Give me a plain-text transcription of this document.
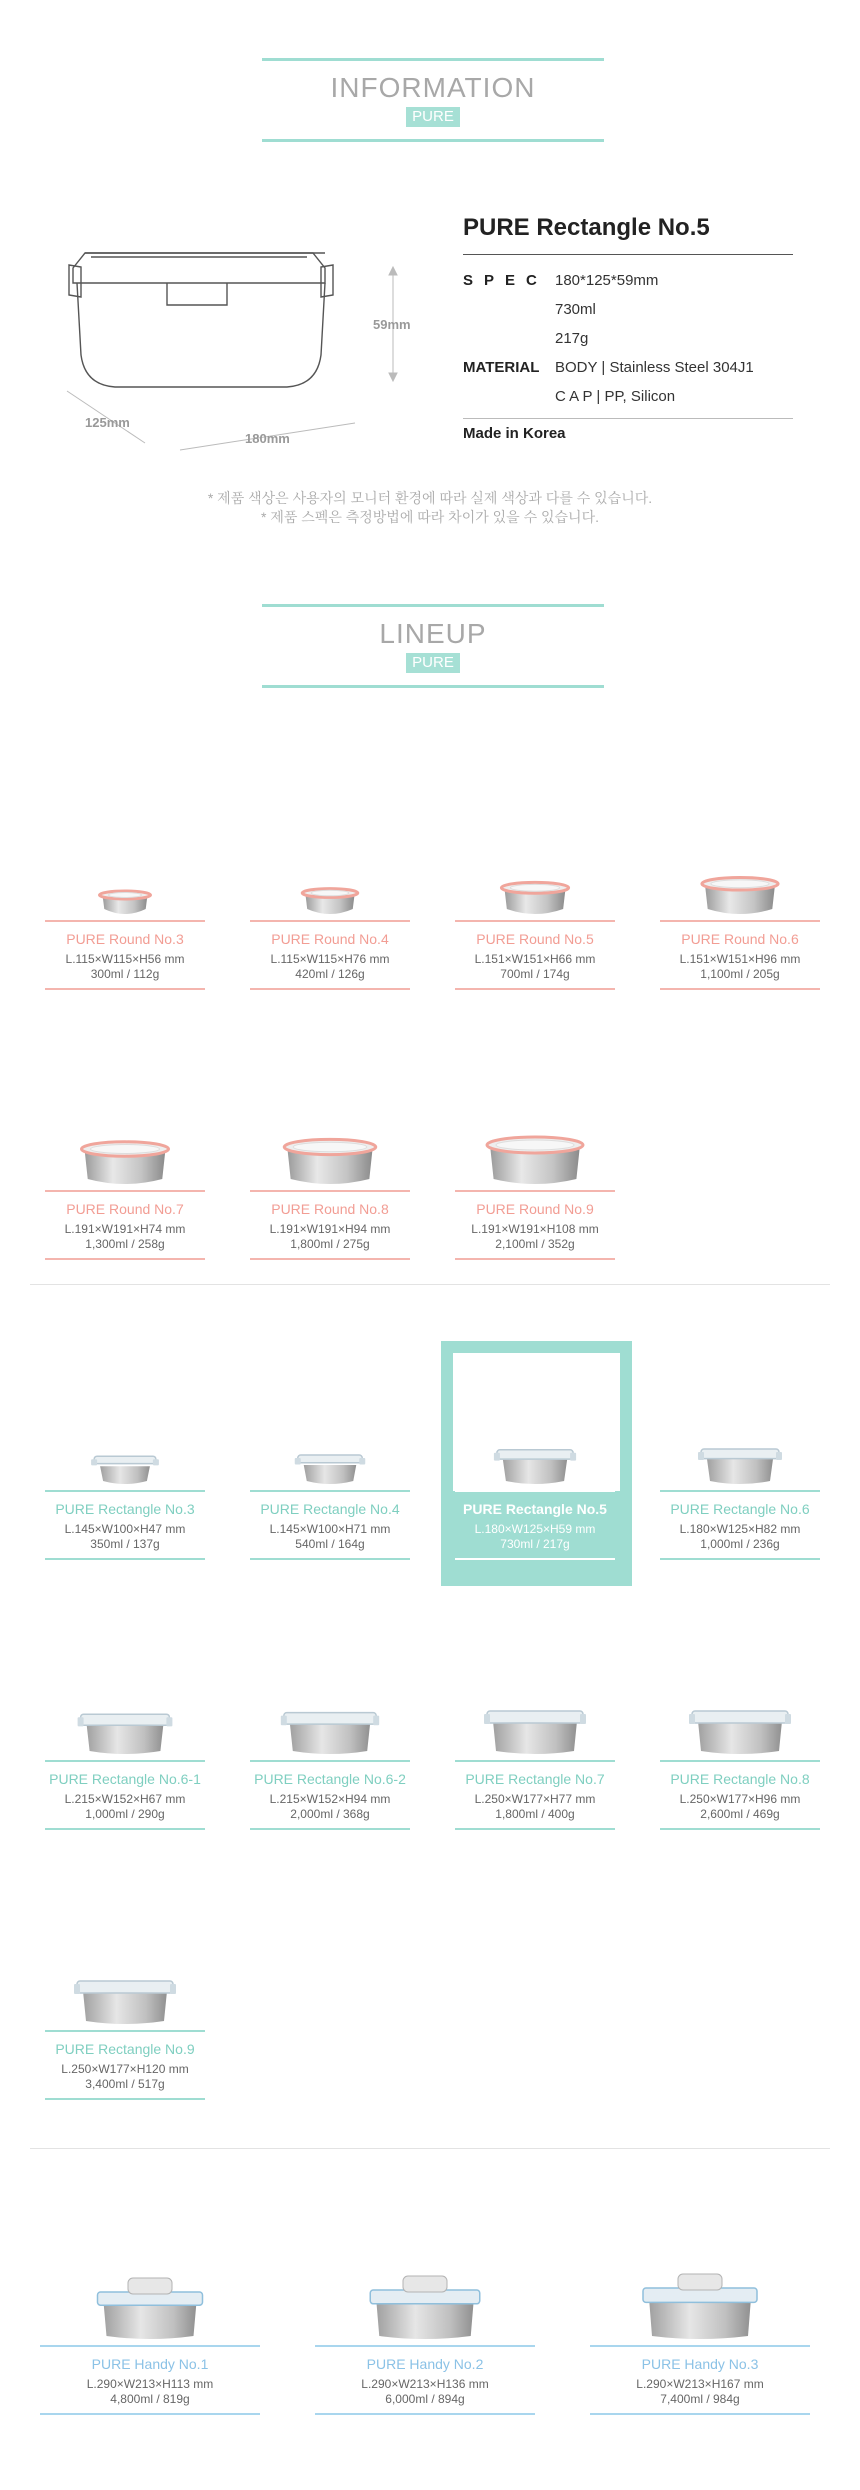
INFORMATION
PURE
59mm
125mm
180mm
PURE Rectangle No.5
SPEC 180*125*59mm
730ml
217g
MATERIAL BODY | Stainless Steel 304J1
C A P | PP, Silicon
Made in Korea
* 제품 색상은 사용자의 모니터 환경에 따라 실제 색상과 다를 수 있습니다.
* 제품 스펙은 측정방법에 따라 차이가 있을 수 있습니다.
LINEUP
PURE
PURE Round No.3
L.115×W115×H56 mm
300ml / 112g
PURE Round No.4
L.115×W115×H76 mm
420ml / 126g
PURE Round No.5
L.151×W151×H66 mm
700ml / 174g
PURE Round No.6
L.151×W151×H96 mm
1,100ml / 205g
PURE Round No.7
L.191×W191×H74 mm
1,300ml / 258g
PURE Round No.8
L.191×W191×H94 mm
1,800ml / 275g
PURE Round No.9
L.191×W191×H108 mm
2,100ml / 352g
PURE Rectangle No.3
L.145×W100×H47 mm
350ml / 137g
PURE Rectangle No.4
L.145×W100×H71 mm
540ml / 164g
PURE Rectangle No.5
L.180×W125×H59 mm
730ml / 217g
PURE Rectangle No.6
L.180×W125×H82 mm
1,000ml / 236g
PURE Rectangle No.6-1
L.215×W152×H67 mm
1,000ml / 290g
PURE Rectangle No.6-2
L.215×W152×H94 mm
2,000ml / 368g
PURE Rectangle No.7
L.250×W177×H77 mm
1,800ml / 400g
PURE Rectangle No.8
L.250×W177×H96 mm
2,600ml / 469g
PURE Rectangle No.9
L.250×W177×H120 mm
3,400ml / 517g
PURE Handy No.1
L.290×W213×H113 mm
4,800ml / 819g
PURE Handy No.2
L.290×W213×H136 mm
6,000ml / 894g
PURE Handy No.3
L.290×W213×H167 mm
7,400ml / 984g
